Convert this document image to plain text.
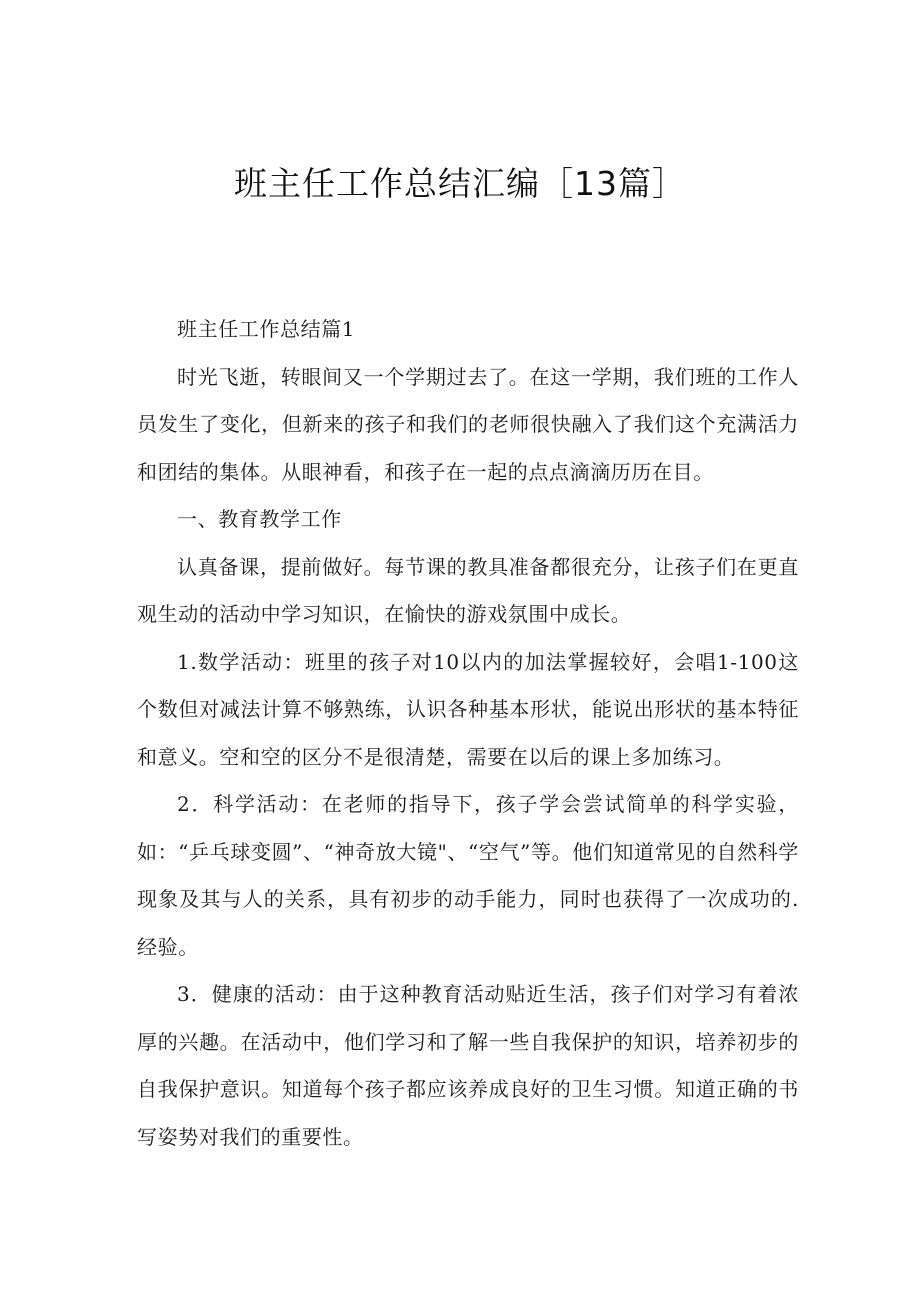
班主任工作总结汇编［13篇］

班主任工作总结篇1

时光飞逝，转眼间又一个学期过去了。在这一学期，我们班的工作人员发生了变化，但新来的孩子和我们的老师很快融入了我们这个充满活力和团结的集体。从眼神看，和孩子在一起的点点滴滴历历在目。

一、教育教学工作

认真备课，提前做好。每节课的教具准备都很充分，让孩子们在更直观生动的活动中学习知识，在愉快的游戏氛围中成长。

1.数学活动：班里的孩子对10以内的加法掌握较好，会唱1-100这个数但对减法计算不够熟练，认识各种基本形状，能说出形状的基本特征和意义。空和空的区分不是很清楚，需要在以后的课上多加练习。

2．科学活动：在老师的指导下，孩子学会尝试简单的科学实验，如：“乒乓球变圆”、“神奇放大镜"、“空气”等。他们知道常见的自然科学现象及其与人的关系，具有初步的动手能力，同时也获得了一次成功的.经验。

3．健康的活动：由于这种教育活动贴近生活，孩子们对学习有着浓厚的兴趣。在活动中，他们学习和了解一些自我保护的知识，培养初步的自我保护意识。知道每个孩子都应该养成良好的卫生习惯。知道正确的书写姿势对我们的重要性。
